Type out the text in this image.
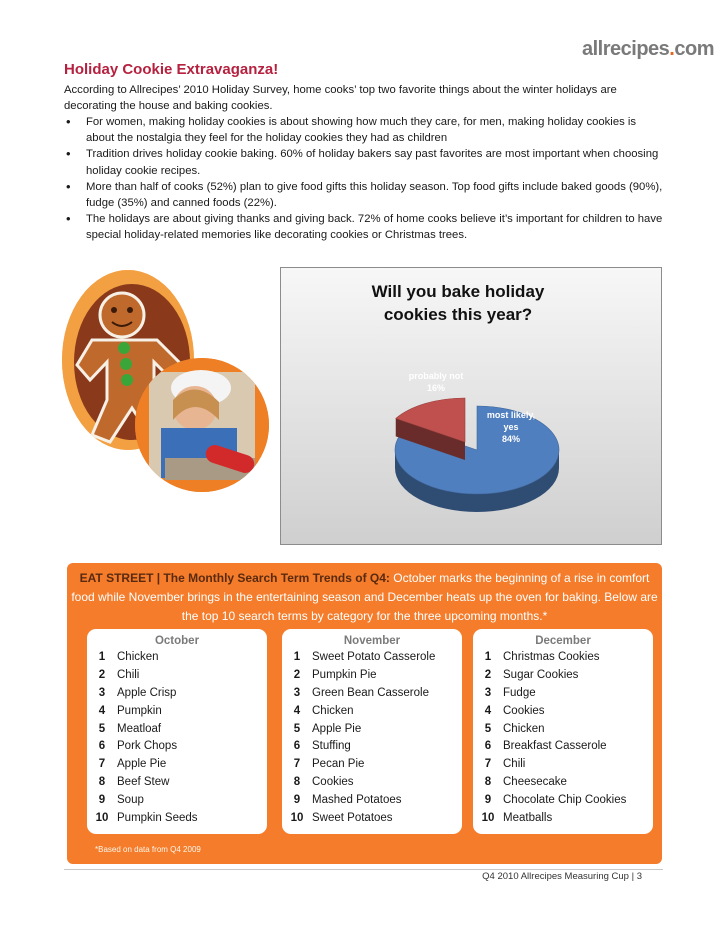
allrecipes.com
Holiday Cookie Extravaganza!

According to Allrecipes’ 2010 Holiday Survey, home cooks’ top two favorite things about the winter holidays are decorating the house and baking cookies.

• For women, making holiday cookies is about showing how much they care, for men, making holiday cookies is about the nostalgia they feel for the holiday cookies they had as children
• Tradition drives holiday cookie baking. 60% of holiday bakers say past favorites are most important when choosing holiday cookie recipes.
• More than half of cooks (52%) plan to give food gifts this holiday season. Top food gifts include baked goods (90%), fudge (35%) and canned foods (22%).
• The holidays are about giving thanks and giving back. 72% of home cooks believe it’s important for children to have special holiday-related memories like decorating cookies or Christmas trees.
Will you bake holiday cookies this year?
most likely,
yes
84%
probably not
16%
EAT STREET | The Monthly Search Term Trends of Q4: October marks the beginning of a rise in comfort food while November brings in the entertaining season and December heats up the oven for baking. Below are the top 10 search terms by category for the three upcoming months.*
October
1	Chicken
2	Chili
3	Apple Crisp
4	Pumpkin
5	Meatloaf
6	Pork Chops
7	Apple Pie
8	Beef Stew
9	Soup
10 Pumpkin Seeds
November
1	Sweet Potato Casserole
2	Pumpkin Pie
3	Green Bean Casserole
4	Chicken
5	Apple Pie
6	Stuffing
7	Pecan Pie
8	Cookies
9	Mashed Potatoes
10 Sweet Potatoes
December
1	Christmas Cookies
2	Sugar Cookies
3	Fudge
4	Cookies
5	Chicken
6	Breakfast Casserole
7	Chili
8	Cheesecake
9	Chocolate Chip Cookies
10 Meatballs
*Based on data from Q4 2009
Q4 2010 Allrecipes Measuring Cup | 3
